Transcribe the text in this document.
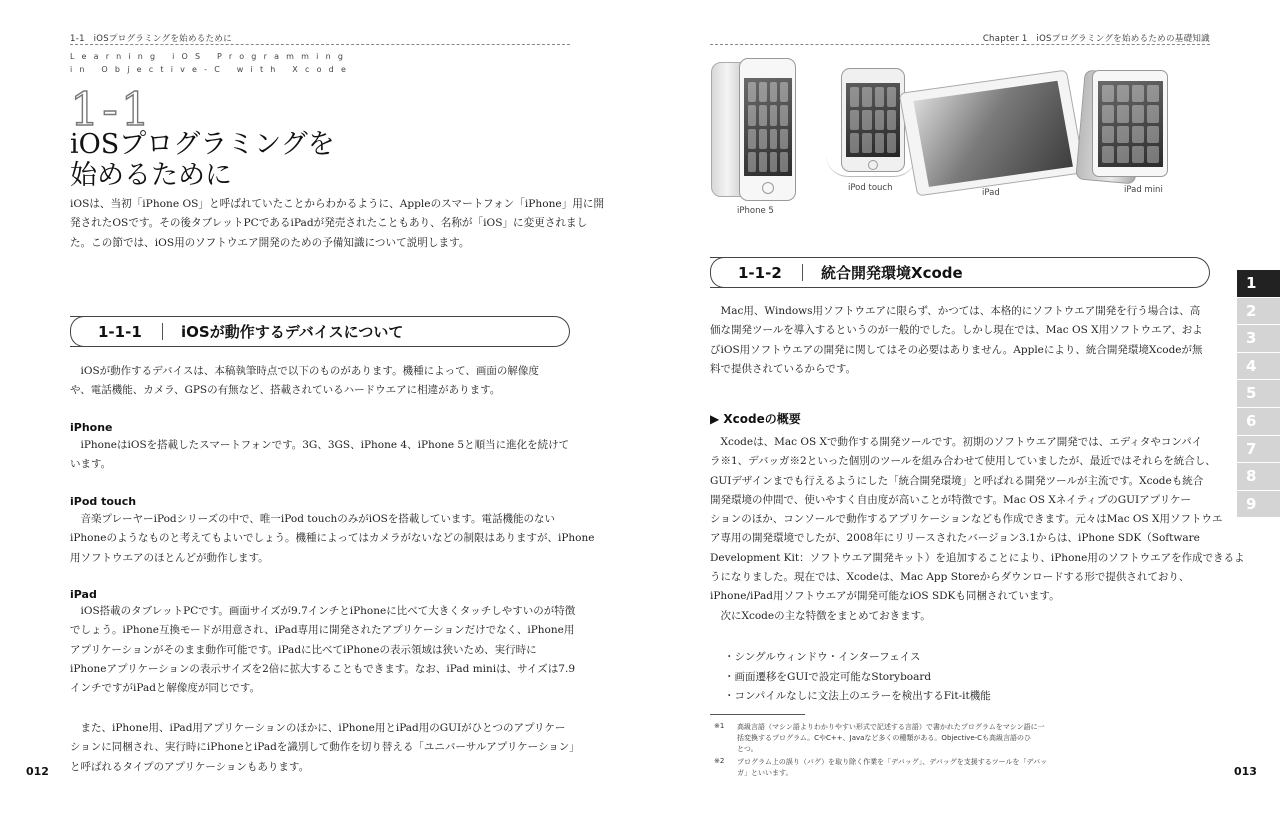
1-1　iOSプログラミングを始めるために
Learning iOS Programming
in Objective-C with Xcode
1-1
iOSプログラミングを
始めるために

iOSは、当初「iPhone OS」と呼ばれていたことからわかるように、Appleのスマートフォン「iPhone」用に開

発されたOSです。その後タブレットPCであるiPadが発売されたこともあり、名称が「iOS」に変更されまし

た。この節では、iOS用のソフトウエア開発のための予備知識について説明します。

1-1-1	iOSが動作するデバイスについて

　iOSが動作するデバイスは、本稿執筆時点で以下のものがあります。機種によって、画面の解像度

や、電話機能、カメラ、GPSの有無など、搭載されているハードウエアに相違があります。

iPhone

　iPhoneはiOSを搭載したスマートフォンです。3G、3GS、iPhone 4、iPhone 5と順当に進化を続けて

います。

iPod touch

　音楽プレーヤーiPodシリーズの中で、唯一iPod touchのみがiOSを搭載しています。電話機能のない

iPhoneのようなものと考えてもよいでしょう。機種によってはカメラがないなどの制限はありますが、iPhone

用ソフトウエアのほとんどが動作します。

iPad

　iOS搭載のタブレットPCです。画面サイズが9.7インチとiPhoneに比べて大きくタッチしやすいのが特徴

でしょう。iPhone互換モードが用意され、iPad専用に開発されたアプリケーションだけでなく、iPhone用

アプリケーションがそのまま動作可能です。iPadに比べてiPhoneの表示領域は狭いため、実行時に

iPhoneアプリケーションの表示サイズを2倍に拡大することもできます。なお、iPad miniは、サイズは7.9

インチですがiPadと解像度が同じです。

　また、iPhone用、iPad用アプリケーションのほかに、iPhone用とiPad用のGUIがひとつのアプリケー

ションに同梱され、実行時にiPhoneとiPadを識別して動作を切り替える「ユニバーサルアプリケーション」

と呼ばれるタイプのアプリケーションもあります。

012
Chapter 1　iOSプログラミングを始めるための基礎知識
iPhone 5
iPod touch	iPad	iPad mini
1-1-2	統合開発環境Xcode

　Mac用、Windows用ソフトウエアに限らず、かつては、本格的にソフトウエア開発を行う場合は、高

価な開発ツールを導入するというのが一般的でした。しかし現在では、Mac OS X用ソフトウエア、およ

びiOS用ソフトウエアの開発に関してはその必要はありません。Appleにより、統合開発環境Xcodeが無

料で提供されているからです。

▶ Xcodeの概要

　Xcodeは、Mac OS Xで動作する開発ツールです。初期のソフトウエア開発では、エディタやコンパイ

ラ※1、デバッガ※2といった個別のツールを組み合わせて使用していましたが、最近ではそれらを統合し、

GUIデザインまでも行えるようにした「統合開発環境」と呼ばれる開発ツールが主流です。Xcodeも統合

開発環境の仲間で、使いやすく自由度が高いことが特徴です。Mac OS XネイティブのGUIアプリケー

ションのほか、コンソールで動作するアプリケーションなども作成できます。元々はMac OS X用ソフトウエ

ア専用の開発環境でしたが、2008年にリリースされたバージョン3.1からは、iPhone SDK（Software

Development Kit：ソフトウエア開発キット）を追加することにより、iPhone用のソフトウエアを作成できるよ

うになりました。現在では、Xcodeは、Mac App Storeからダウンロードする形で提供されており、

iPhone/iPad用ソフトウエアが開発可能なiOS SDKも同梱されています。

　次にXcodeの主な特徴をまとめておきます。

・シングルウィンドウ・インターフェイス

・画面遷移をGUIで設定可能なStoryboard

・コンパイルなしに文法上のエラーを検出するFit-it機能

※1 高級言語（マシン語よりわかりやすい形式で記述する言語）で書かれたプログラムをマシン語に一

括変換するプログラム。CやC++、Javaなど多くの種類がある。Objective-Cも高級言語のひ

とつ。

※2 プログラム上の誤り（バグ）を取り除く作業を「デバッグ」、デバッグを支援するツールを「デバッ

ガ」といいます。	013
1
2
3
4
5
6
7
8
9
